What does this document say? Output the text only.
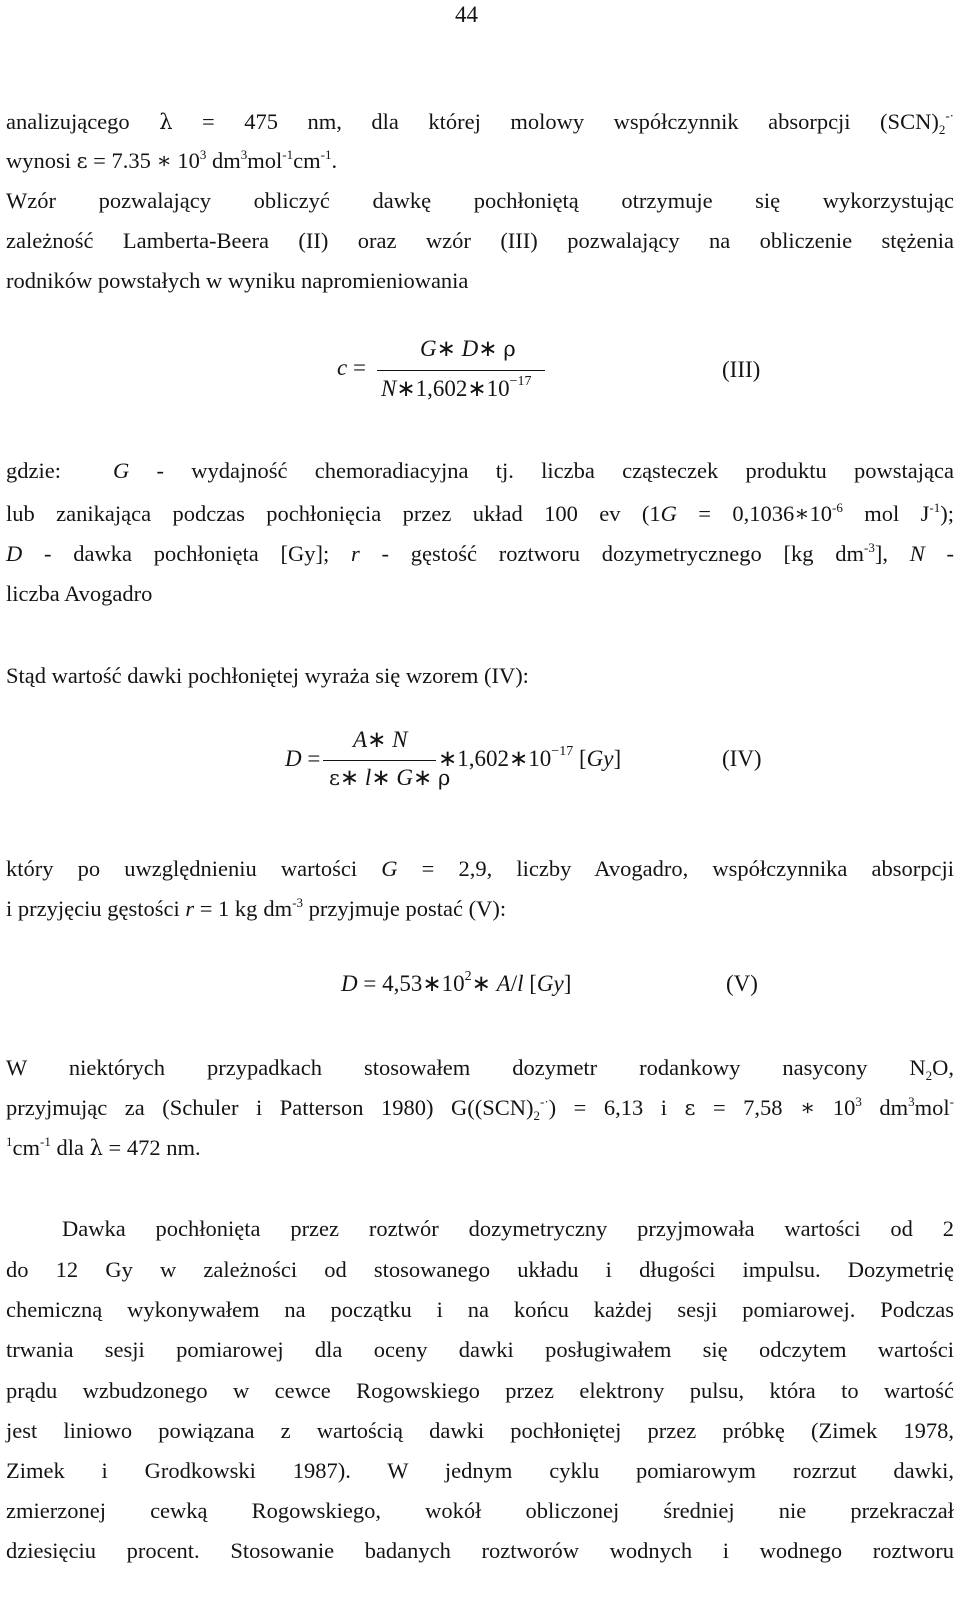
44
analizującego λ = 475 nm, dla której molowy współczynnik absorpcji $(SCN)_2^{-\cdot}$
wynosi ε = 7.35 ∗ $10^3$ $dm^3mol^{-1}cm^{-1}$.
Wzór pozwalający obliczyć dawkę pochłoniętą otrzymuje się wykorzystując
zależność Lamberta-Beera (II) oraz wzór (III) pozwalający na obliczenie stężenia
rodników powstałych w wyniku napromieniowania
c =
G∗ D∗ ρ
$N∗1,602∗10^{-17}$	(III)
gdzie: G - wydajność chemoradiacyjna tj. liczba cząsteczek produktu powstająca
lub zanikająca podczas pochłonięcia przez układ 100 ev ($1G = 0,1036∗10^{-6}$ mol $J^{-1}$);
D - dawka pochłonięta [Gy]; r - gęstość roztworu dozymetrycznego [kg $dm^{-3}$], N -
liczba Avogadro
Stąd wartość dawki pochłoniętej wyraża się wzorem (IV):
D =
A∗ N
ε∗ l∗ G∗ ρ
$∗1,602∗10^{-17}$ [Gy]	(IV)
który po uwzględnieniu wartości G = 2,9, liczby Avogadro, współczynnika absorpcji
i przyjęciu gęstości r = 1 kg $dm^{-3}$ przyjmuje postać (V):
$D = 4,53∗10^2∗$ A/l [Gy]	(V)
W niektórych przypadkach stosowałem dozymetr rodankowy nasycony $N_2O$,
przyjmując za (Schuler i Patterson 1980) $G((SCN)_2^{-\cdot}) = 6,13$ i ε = 7,58 ∗ $10^3$ $dm^3mol^-$
$^1cm^{-1}$ dla λ = 472 nm.
Dawka pochłonięta przez roztwór dozymetryczny przyjmowała wartości od 2
do 12 Gy w zależności od stosowanego układu i długości impulsu. Dozymetrię
chemiczną wykonywałem na początku i na końcu każdej sesji pomiarowej. Podczas
trwania sesji pomiarowej dla oceny dawki posługiwałem się odczytem wartości
prądu wzbudzonego w cewce Rogowskiego przez elektrony pulsu, która to wartość
jest liniowo powiązana z wartością dawki pochłoniętej przez próbkę (Zimek 1978,
Zimek i Grodkowski 1987). W jednym cyklu pomiarowym rozrzut dawki,
zmierzonej cewką Rogowskiego, wokół obliczonej średniej nie przekraczał
dziesięciu procent. Stosowanie badanych roztworów wodnych i wodnego roztworu
